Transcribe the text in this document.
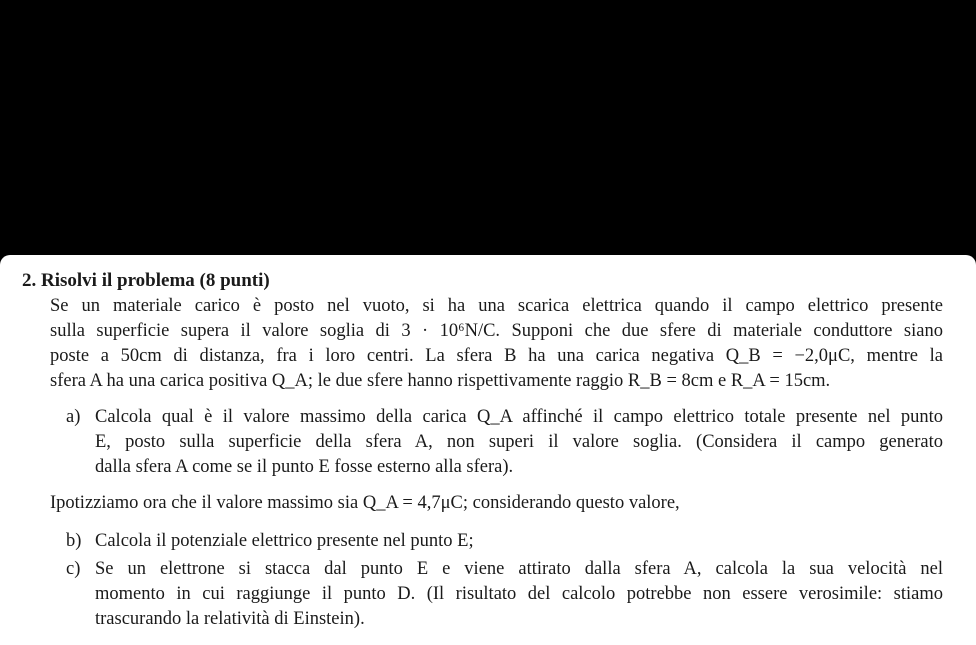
2. Risolvi il problema (8 punti)
Se un materiale carico è posto nel vuoto, si ha una scarica elettrica quando il campo elettrico presente
sulla superficie supera il valore soglia di 3 · 10⁶N/C. Supponi che due sfere di materiale conduttore siano
poste a 50cm di distanza, fra i loro centri. La sfera B ha una carica negativa Q_B = −2,0μC, mentre la
sfera A ha una carica positiva Q_A; le due sfere hanno rispettivamente raggio R_B = 8cm e R_A = 15cm.
a) Calcola qual è il valore massimo della carica Q_A affinché il campo elettrico totale presente nel punto
E, posto sulla superficie della sfera A, non superi il valore soglia. (Considera il campo generato
dalla sfera A come se il punto E fosse esterno alla sfera).
Ipotizziamo ora che il valore massimo sia Q_A = 4,7μC; considerando questo valore,
b) Calcola il potenziale elettrico presente nel punto E;
c) Se un elettrone si stacca dal punto E e viene attirato dalla sfera A, calcola la sua velocità nel
momento in cui raggiunge il punto D. (Il risultato del calcolo potrebbe non essere verosimile: stiamo
trascurando la relatività di Einstein).
